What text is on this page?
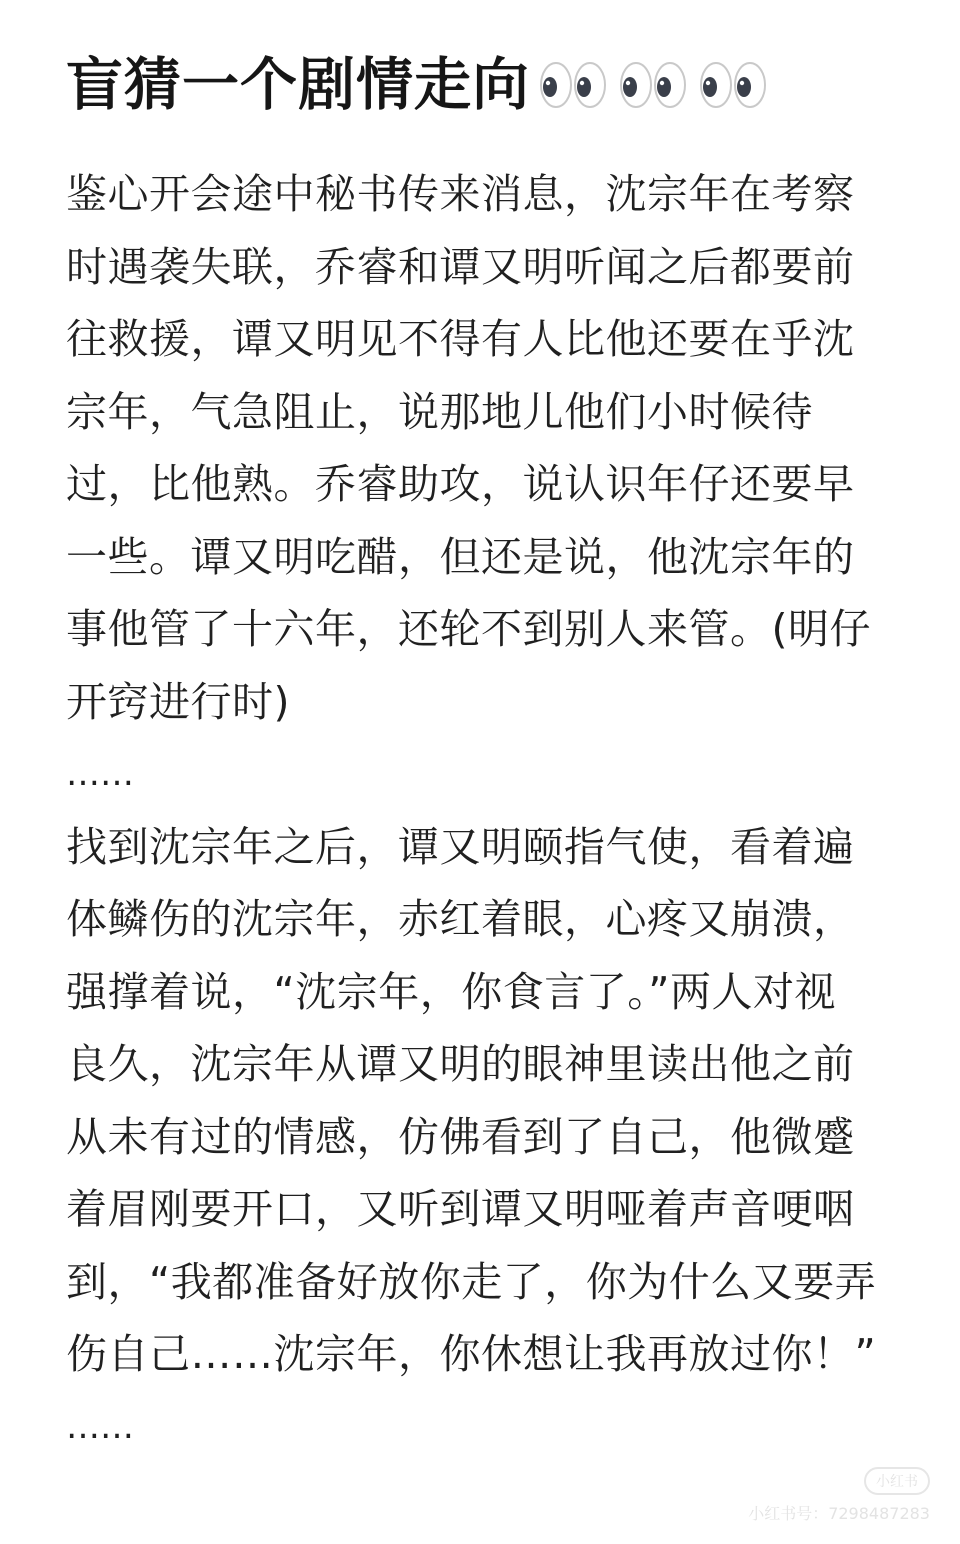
盲猜一个剧情走向
鉴心开会途中秘书传来消息，沈宗年在考察
时遇袭失联，乔睿和谭又明听闻之后都要前
往救援，谭又明见不得有人比他还要在乎沈
宗年，气急阻止，说那地儿他们小时候待
过，比他熟。乔睿助攻，说认识年仔还要早
一些。谭又明吃醋，但还是说，他沈宗年的
事他管了十六年，还轮不到别人来管。(明仔
开窍进行时)
……
找到沈宗年之后，谭又明颐指气使，看着遍
体鳞伤的沈宗年，赤红着眼，心疼又崩溃，
强撑着说，“沈宗年，你食言了。”两人对视
良久，沈宗年从谭又明的眼神里读出他之前
从未有过的情感，仿佛看到了自己，他微蹙
着眉刚要开口，又听到谭又明哑着声音哽咽
到，“我都准备好放你走了，你为什么又要弄
伤自己……沈宗年，你休想让我再放过你！”
……
小红书
小红书号：7298487283
